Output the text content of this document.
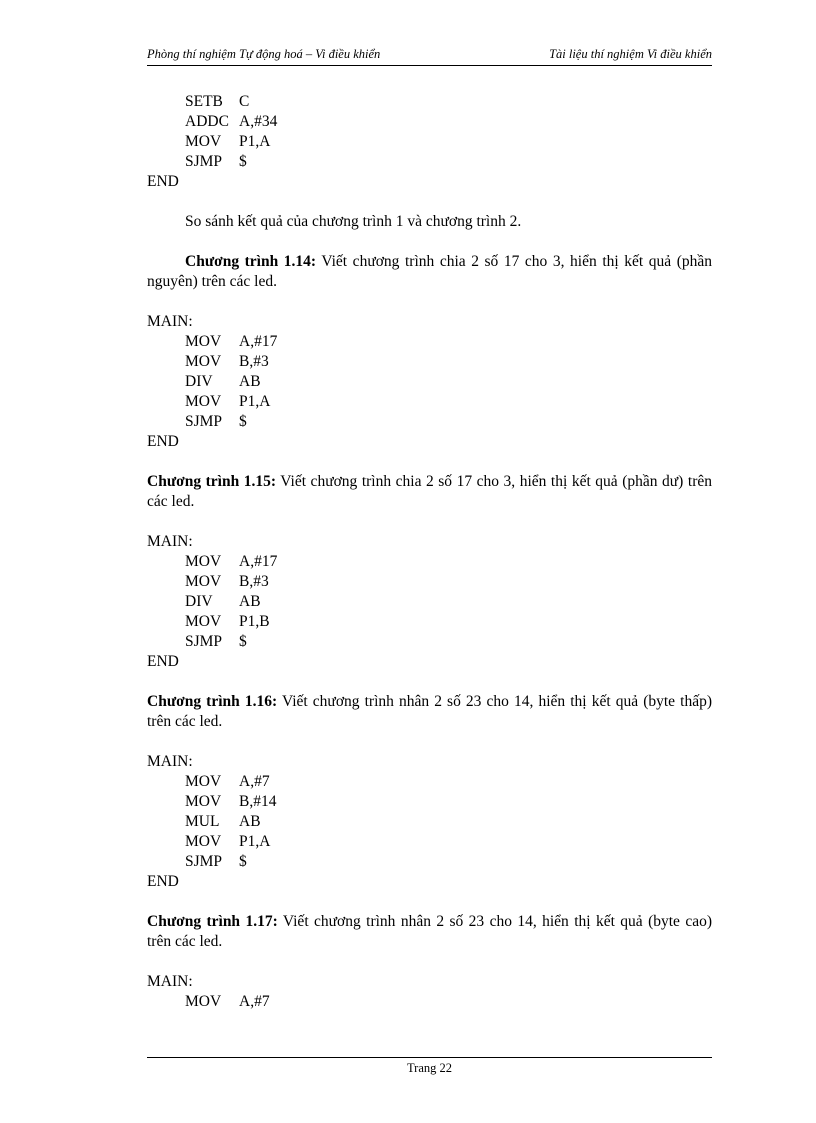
Phòng thí nghiệm Tự động hoá – Vi điều khiển	Tài liệu thí nghiệm Vi điều khiển
SETB C
ADDC A,#34
MOV P1,A
SJMP $
END
So sánh kết quả của chương trình 1 và chương trình 2.
Chương trình 1.14: Viết chương trình chia 2 số 17 cho 3, hiển thị kết quả (phần nguyên) trên các led.
MAIN:
MOV A,#17
MOV B,#3
DIV AB
MOV P1,A
SJMP $
END
Chương trình 1.15: Viết chương trình chia 2 số 17 cho 3, hiển thị kết quả (phần dư) trên các led.
MAIN:
MOV A,#17
MOV B,#3
DIV AB
MOV P1,B
SJMP $
END
Chương trình 1.16: Viết chương trình nhân 2 số 23 cho 14, hiển thị kết quả (byte thấp) trên các led.
MAIN:
MOV A,#7
MOV B,#14
MUL AB
MOV P1,A
SJMP $
END
Chương trình 1.17: Viết chương trình nhân 2 số 23 cho 14, hiển thị kết quả (byte cao) trên các led.
MAIN:
MOV A,#7
Trang 22
